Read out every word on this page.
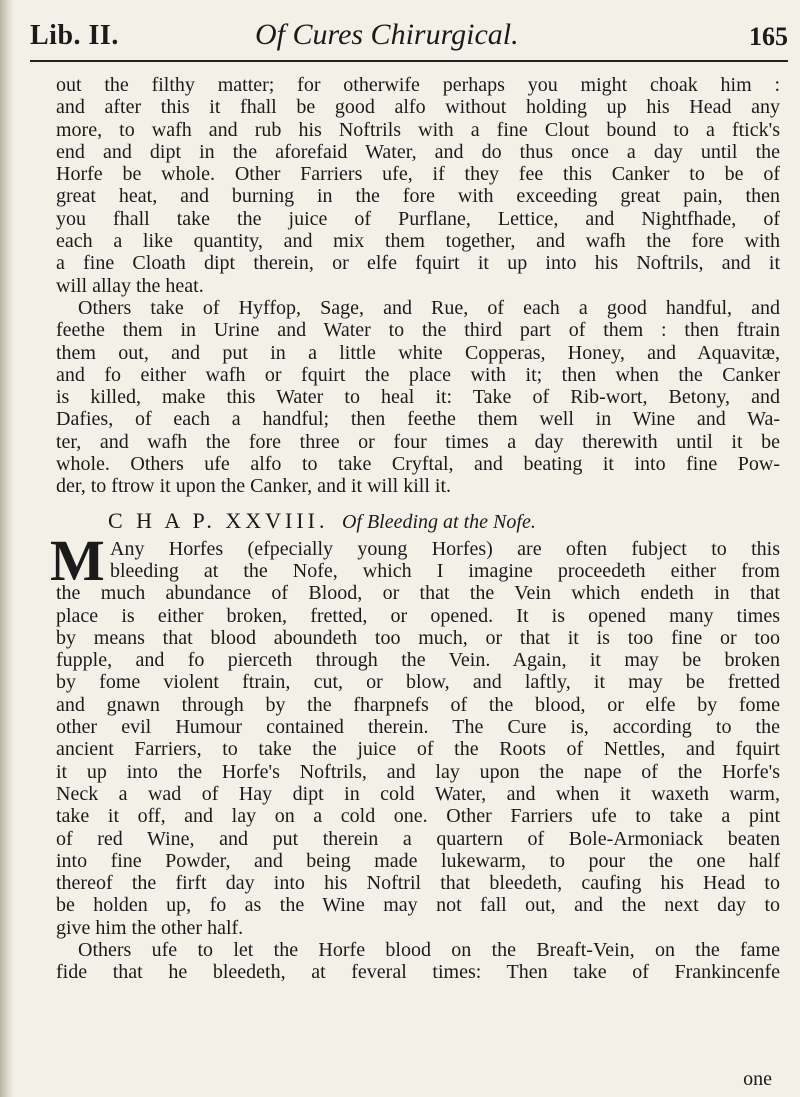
Lib. II.	Of Cures Chirurgical.	165
out the filthy matter; for otherwife perhaps you might choak him :
and after this it fhall be good alfo without holding up his Head any
more, to wafh and rub his Noftrils with a fine Clout bound to a ftick's
end and dipt in the aforefaid Water, and do thus once a day until the
Horfe be whole. Other Farriers ufe, if they fee this Canker to be of
great heat, and burning in the fore with exceeding great pain, then
you fhall take the juice of Purflane, Lettice, and Nightfhade, of
each a like quantity, and mix them together, and wafh the fore with
a fine Cloath dipt therein, or elfe fquirt it up into his Noftrils, and it
will allay the heat.
Others take of Hyffop, Sage, and Rue, of each a good handful, and
feethe them in Urine and Water to the third part of them : then ftrain
them out, and put in a little white Copperas, Honey, and Aquavitæ,
and fo either wafh or fquirt the place with it; then when the Canker
is killed, make this Water to heal it: Take of Rib-wort, Betony, and
Dafies, of each a handful; then feethe them well in Wine and Wa-
ter, and wafh the fore three or four times a day therewith until it be
whole. Others ufe alfo to take Cryftal, and beating it into fine Pow-
der, to ftrow it upon the Canker, and it will kill it.
C H A P. XXVIII. Of Bleeding at the Nofe.
M Any Horfes (efpecially young Horfes) are often fubject to this
bleeding at the Nofe, which I imagine proceedeth either from
the much abundance of Blood, or that the Vein which endeth in that
place is either broken, fretted, or opened. It is opened many times
by means that blood aboundeth too much, or that it is too fine or too
fupple, and fo pierceth through the Vein. Again, it may be broken
by fome violent ftrain, cut, or blow, and laftly, it may be fretted
and gnawn through by the fharpnefs of the blood, or elfe by fome
other evil Humour contained therein. The Cure is, according to the
ancient Farriers, to take the juice of the Roots of Nettles, and fquirt
it up into the Horfe's Noftrils, and lay upon the nape of the Horfe's
Neck a wad of Hay dipt in cold Water, and when it waxeth warm,
take it off, and lay on a cold one. Other Farriers ufe to take a pint
of red Wine, and put therein a quartern of Bole-Armoniack beaten
into fine Powder, and being made lukewarm, to pour the one half
thereof the firft day into his Noftril that bleedeth, caufing his Head to
be holden up, fo as the Wine may not fall out, and the next day to
give him the other half.
Others ufe to let the Horfe blood on the Breaft-Vein, on the fame
fide that he bleedeth, at feveral times: Then take of Frankincenfe
one
